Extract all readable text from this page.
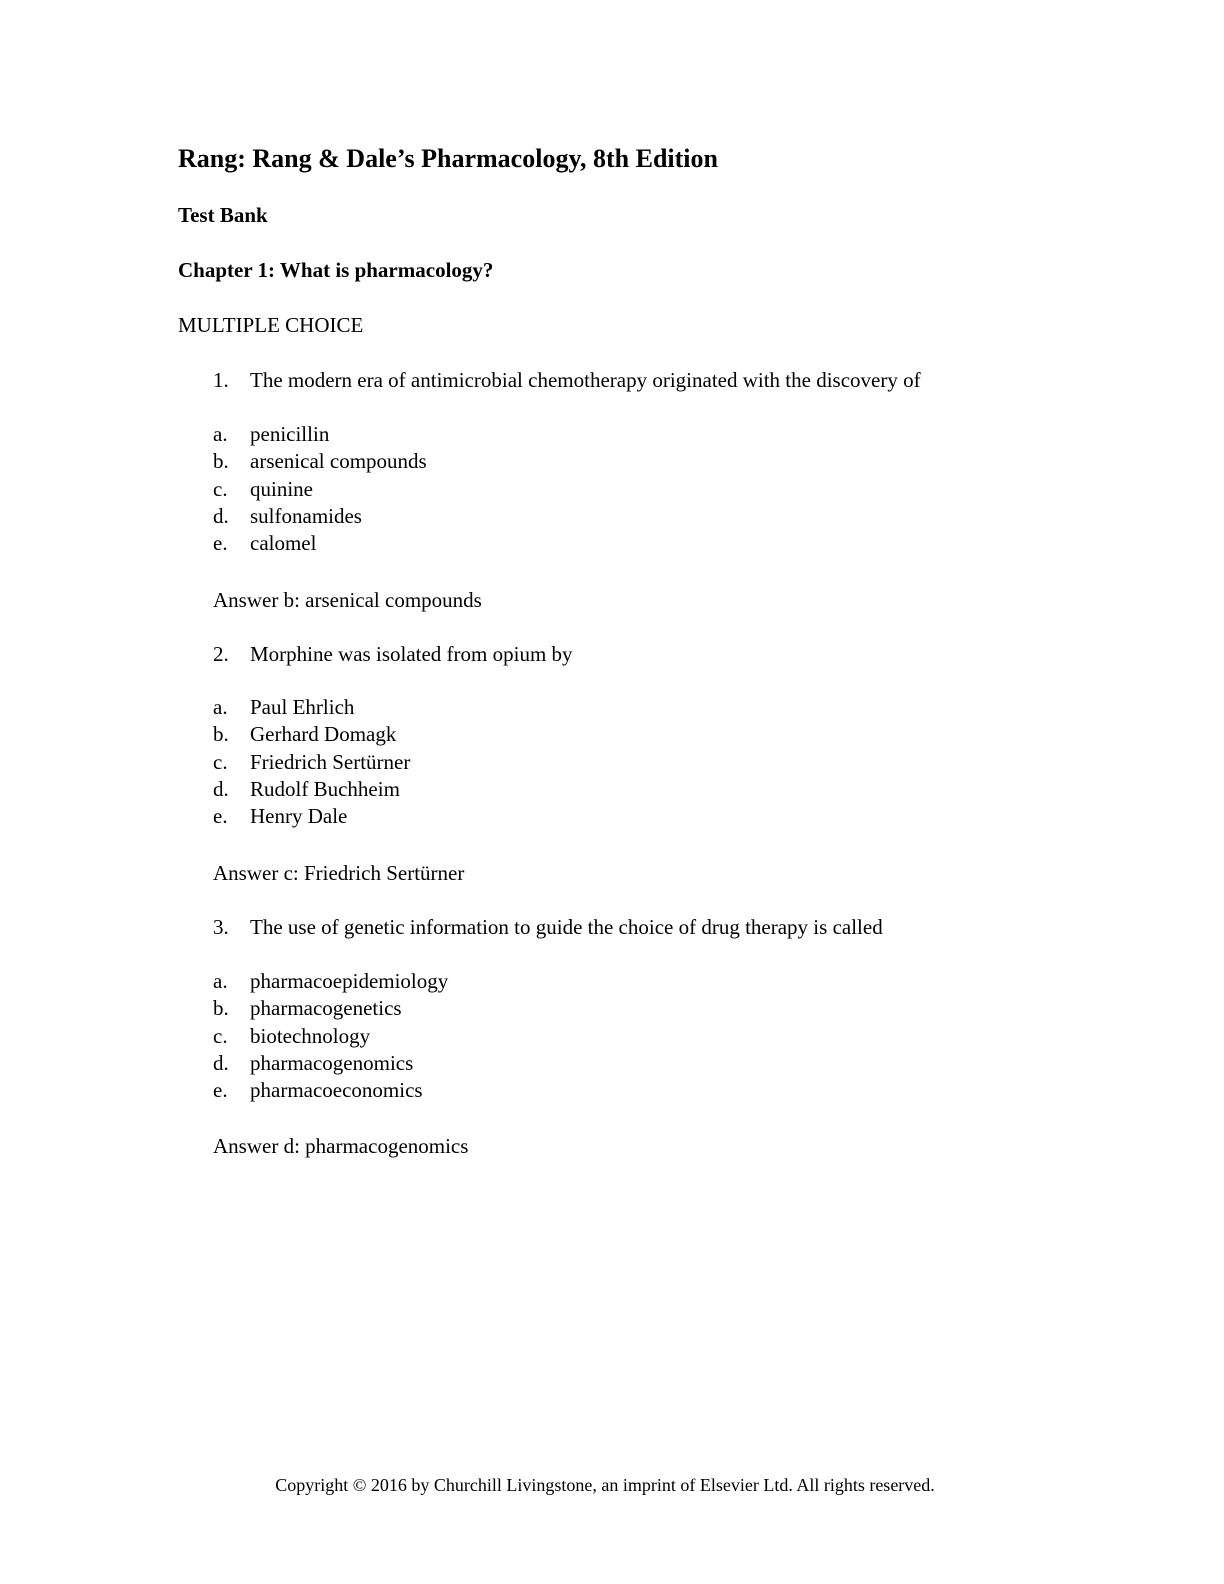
Rang: Rang & Dale’s Pharmacology, 8th Edition
Test Bank
Chapter 1: What is pharmacology?
MULTIPLE CHOICE
1. The modern era of antimicrobial chemotherapy originated with the discovery of
a. penicillin
b. arsenical compounds
c. quinine
d. sulfonamides
e. calomel
Answer b: arsenical compounds
2. Morphine was isolated from opium by
a. Paul Ehrlich
b. Gerhard Domagk
c. Friedrich Sertürner
d. Rudolf Buchheim
e. Henry Dale
Answer c: Friedrich Sertürner
3. The use of genetic information to guide the choice of drug therapy is called
a. pharmacoepidemiology
b. pharmacogenetics
c. biotechnology
d. pharmacogenomics
e. pharmacoeconomics
Answer d: pharmacogenomics
Copyright © 2016 by Churchill Livingstone, an imprint of Elsevier Ltd. All rights reserved.
